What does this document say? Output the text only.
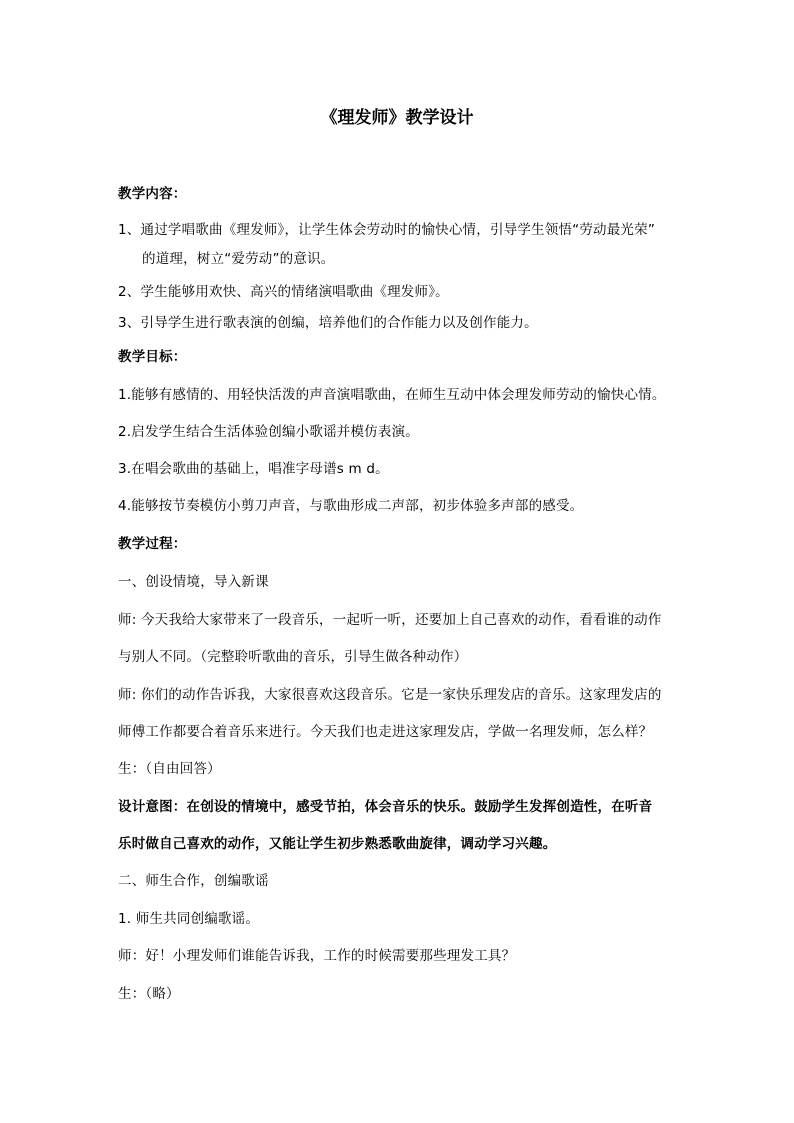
《理发师》教学设计
教学内容：
1、通过学唱歌曲《理发师》，让学生体会劳动时的愉快心情，引导学生领悟“劳动最光荣”
的道理，树立“爱劳动”的意识。
2、学生能够用欢快、高兴的情绪演唱歌曲《理发师》。
3、引导学生进行歌表演的创编，培养他们的合作能力以及创作能力。
教学目标：
1.能够有感情的、用轻快活泼的声音演唱歌曲，在师生互动中体会理发师劳动的愉快心情。
2.启发学生结合生活体验创编小歌谣并模仿表演。
3.在唱会歌曲的基础上，唱准字母谱s m d。
4.能够按节奏模仿小剪刀声音，与歌曲形成二声部，初步体验多声部的感受。
教学过程：
一、创设情境，导入新课
师: 今天我给大家带来了一段音乐，一起听一听，还要加上自己喜欢的动作，看看谁的动作
与别人不同。（完整聆听歌曲的音乐，引导生做各种动作）
师: 你们的动作告诉我，大家很喜欢这段音乐。它是一家快乐理发店的音乐。这家理发店的
师傅工作都要合着音乐来进行。今天我们也走进这家理发店，学做一名理发师，怎么样？
生：（自由回答）
设计意图：在创设的情境中，感受节拍，体会音乐的快乐。鼓励学生发挥创造性，在听音
乐时做自己喜欢的动作，又能让学生初步熟悉歌曲旋律，调动学习兴趣。
二、师生合作，创编歌谣
1. 师生共同创编歌谣。
师：好！小理发师们谁能告诉我，工作的时候需要那些理发工具？
生：（略）
